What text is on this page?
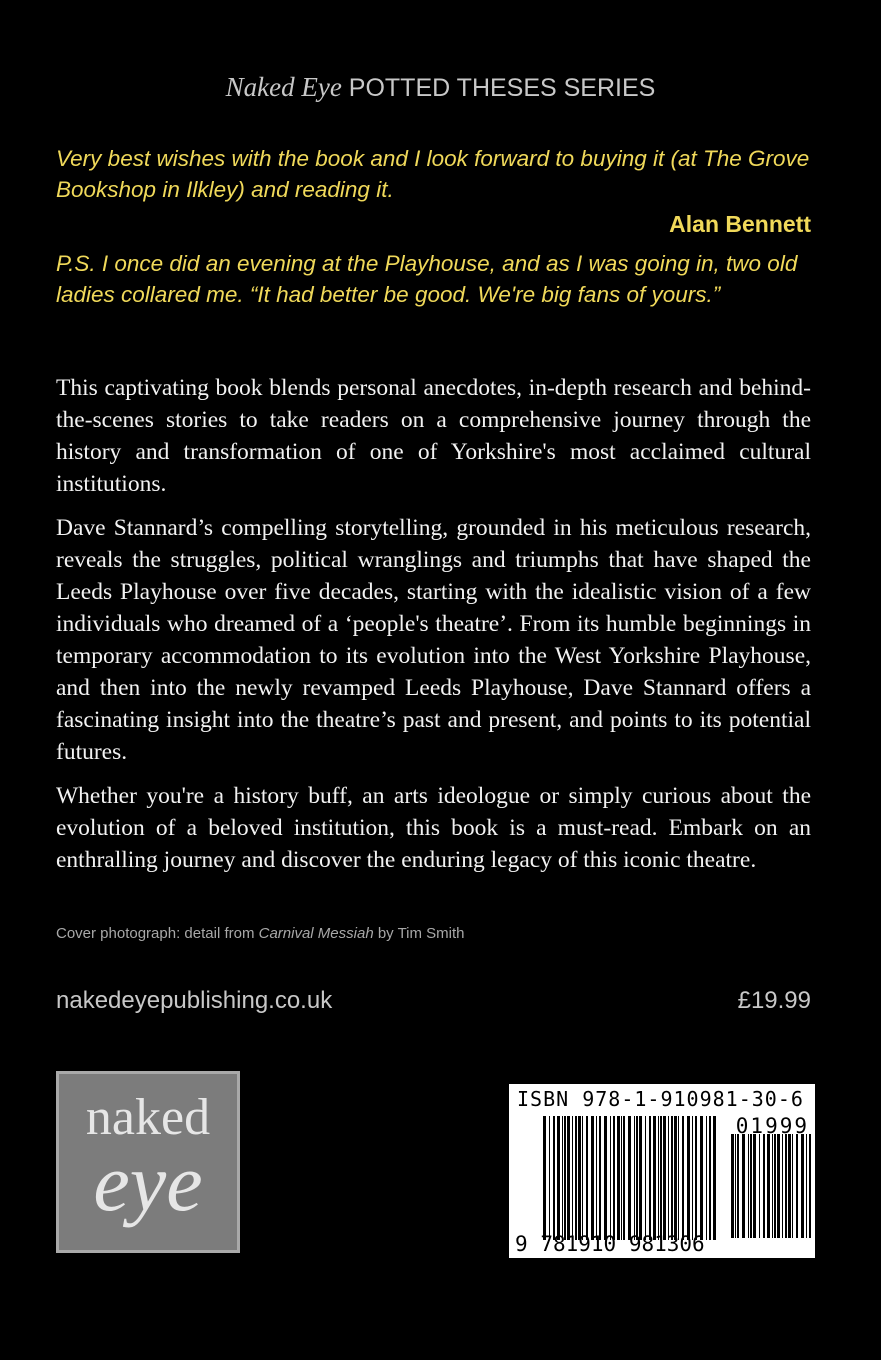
Naked Eye POTTED THESES SERIES
Very best wishes with the book and I look forward to buying it (at The Grove Bookshop in Ilkley) and reading it.
Alan Bennett
P.S. I once did an evening at the Playhouse, and as I was going in, two old ladies collared me. “It had better be good. We're big fans of yours.”

This captivating book blends personal anecdotes, in-depth research and behind-the-scenes stories to take readers on a comprehensive journey through the history and transformation of one of Yorkshire's most acclaimed cultural institutions.

Dave Stannard’s compelling storytelling, grounded in his meticulous research, reveals the struggles, political wranglings and triumphs that have shaped the Leeds Playhouse over five decades, starting with the idealistic vision of a few individuals who dreamed of a ‘people's theatre’. From its humble beginnings in temporary accommodation to its evolution into the West Yorkshire Playhouse, and then into the newly revamped Leeds Playhouse, Dave Stannard offers a fascinating insight into the theatre’s past and present, and points to its potential futures.

Whether you're a history buff, an arts ideologue or simply curious about the evolution of a beloved institution, this book is a must-read. Embark on an enthralling journey and discover the enduring legacy of this iconic theatre.

Cover photograph: detail from Carnival Messiah by Tim Smith
nakedeyepublishing.co.uk	£19.99
naked
eye
ISBN 978-1-910981-30-6
01999
9 781910 981306
